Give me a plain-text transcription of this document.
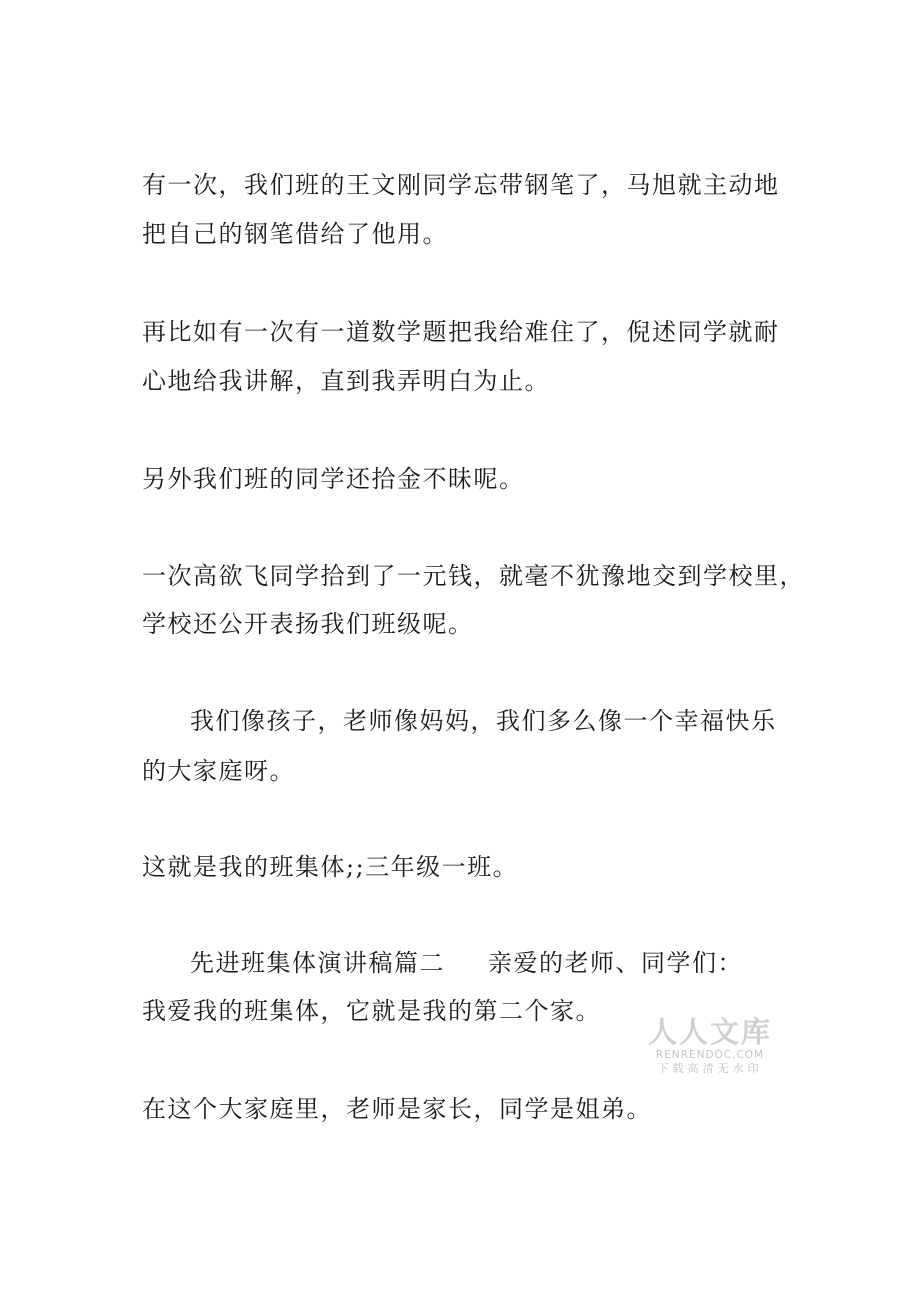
有一次，我们班的王文刚同学忘带钢笔了，马旭就主动地
把自己的钢笔借给了他用。
再比如有一次有一道数学题把我给难住了，倪述同学就耐
心地给我讲解，直到我弄明白为止。
另外我们班的同学还拾金不昧呢。
一次高欲飞同学拾到了一元钱，就毫不犹豫地交到学校里，
学校还公开表扬我们班级呢。
我们像孩子，老师像妈妈，我们多么像一个幸福快乐
的大家庭呀。
这就是我的班集体;;三年级一班。
先进班集体演讲稿篇二 亲爱的老师、同学们：
我爱我的班集体，它就是我的第二个家。
在这个大家庭里，老师是家长，同学是姐弟。
人人文库
RENRENDOC.COM
下载高清无水印
